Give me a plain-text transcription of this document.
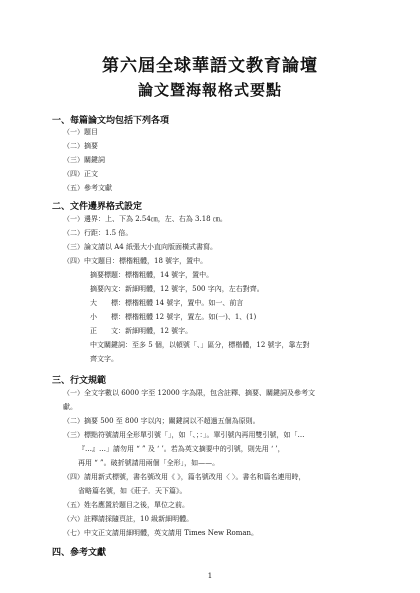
第六屆全球華語文教育論壇
論文暨海報格式要點
一、每篇論文均包括下列各項
（一）題目
（二）摘要
（三）關鍵詞
（四）正文
（五）參考文獻
二、文件邊界格式設定
（一）邊界：上、下為 2.54㎝，左、右為 3.18 ㎝。
（二）行距：1.5 倍。
（三）論文請以 A4 紙張大小直向版面橫式書寫。
（四）中文題目：標楷粗體，18 號字，置中。
摘要標題：標楷粗體，14 號字，置中。
摘要內文：新細明體，12 號字，500 字內，左右對齊。
大　　標：標楷粗體 14 號字，置中。如一、前言
小　　標：標楷粗體 12 號字，置左。如(一)、1、(1)
正　　文：新細明體，12 號字。
中文關鍵詞：至多 5 個，以頓號「、」區分，標楷體，12 號字，靠左對
齊文字。
三、行文規範
（一）全文字數以 6000 字至 12000 字為限，包含註釋、摘要、關鍵詞及參考文
獻。
（二）摘要 500 至 800 字以內；關鍵詞以不超過五個為原則。
（三）標點符號請用全形單引號「」，如「、；：」。單引號內再用雙引號，如「…
『…』…」請勿用 “ ” 及 ‘ ’。若為英文摘要中的引號，則先用 ‘ ’，
再用 “ ”。破折號請用兩個「全形」，如——。
（四）請用新式標號，書名號改用《 》，篇名號改用〈 〉。書名和篇名連用時，
省略篇名號，如《莊子．天下篇》。
（五）姓名應置於題目之後，單位之前。
（六）註釋請採隨頁註，10 級新細明體。
（七）中文正文請用細明體，英文請用 Times New Roman。
四、參考文獻
1
